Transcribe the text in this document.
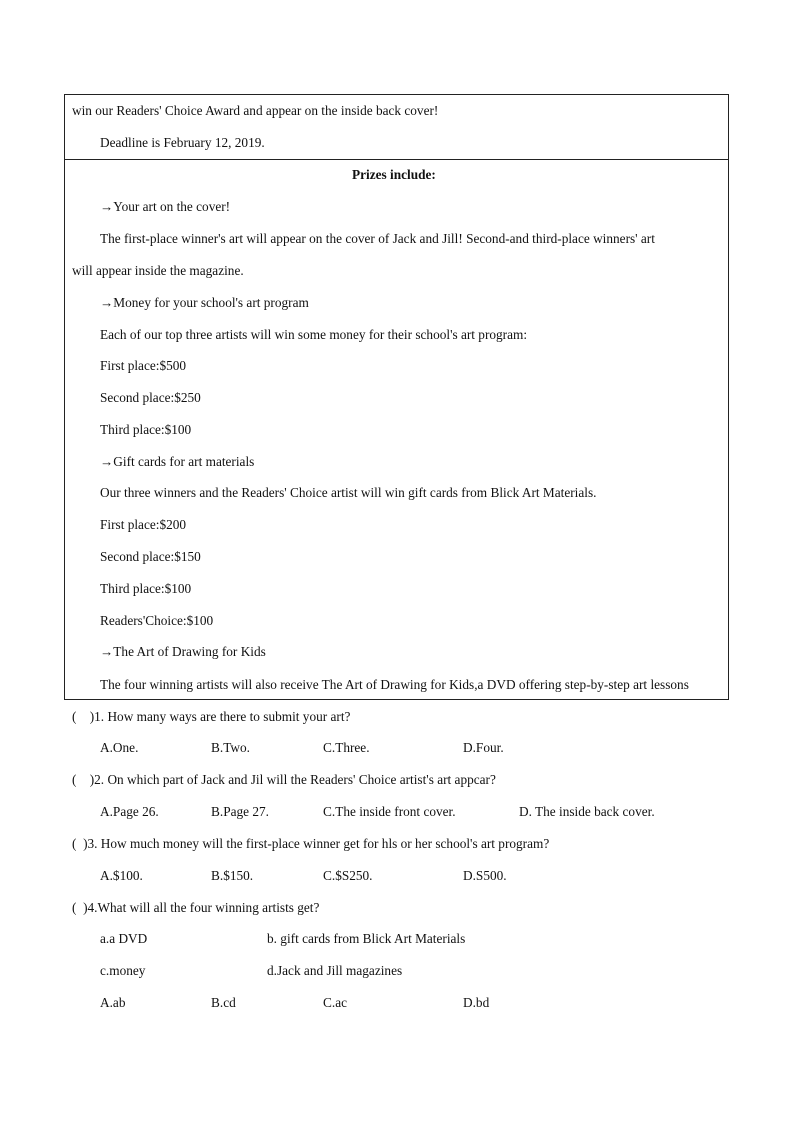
win our Readers' Choice Award and appear on the inside back cover!
Deadline is February 12, 2019.
Prizes include:
→Your art on the cover!
The first-place winner's art will appear on the cover of Jack and Jill! Second-and third-place winners' art
will appear inside the magazine.
→Money for your school's art program
Each of our top three artists will win some money for their school's art program:
First place:$500
Second place:$250
Third place:$100
→Gift cards for art materials
Our three winners and the Readers' Choice artist will win gift cards from Blick Art Materials.
First place:$200
Second place:$150
Third place:$100
Readers'Choice:$100
→The Art of Drawing for Kids
The four winning artists will also receive The Art of Drawing for Kids,a DVD offering step-by-step art lessons
(    )1. How many ways are there to submit your art?
A.One.	B.Two.	C.Three.	D.Four.
(    )2. On which part of Jack and Jil will the Readers' Choice artist's art appcar?
A.Page 26.	B.Page 27.	C.The inside front cover.	D. The inside back cover.
(  )3. How much money will the first-place winner get for hls or her school's art program?
A.$100.	B.$150.	C.$S250.	D.S500.
(  )4.What will all the four winning artists get?
a.a DVD	b. gift cards from Blick Art Materials
c.money	d.Jack and Jill magazines
A.ab	B.cd	C.ac	D.bd
